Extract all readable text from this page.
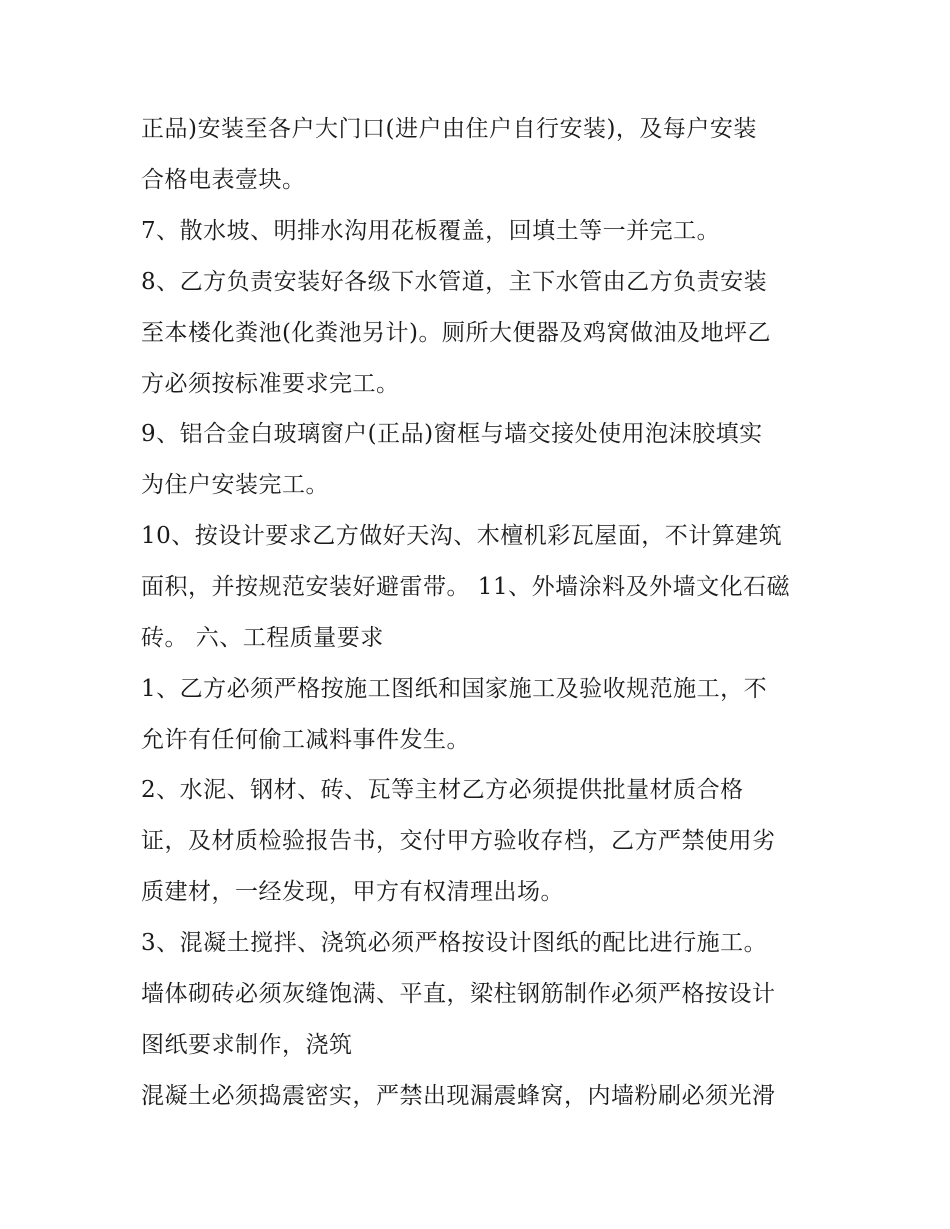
正品)安装至各户大门口(进户由住户自行安装)，及每户安装

合格电表壹块。

7、散水坡、明排水沟用花板覆盖，回填土等一并完工。

8、乙方负责安装好各级下水管道，主下水管由乙方负责安装

至本楼化粪池(化粪池另计)。厕所大便器及鸡窝做油及地坪乙

方必须按标准要求完工。

9、铝合金白玻璃窗户(正品)窗框与墙交接处使用泡沫胶填实

为住户安装完工。

10、按设计要求乙方做好天沟、木檀机彩瓦屋面，不计算建筑

面积，并按规范安装好避雷带。 11、外墙涂料及外墙文化石磁

砖。 六、工程质量要求

1、乙方必须严格按施工图纸和国家施工及验收规范施工，不

允许有任何偷工减料事件发生。

2、水泥、钢材、砖、瓦等主材乙方必须提供批量材质合格

证，及材质检验报告书，交付甲方验收存档，乙方严禁使用劣

质建材，一经发现，甲方有权清理出场。

3、混凝土搅拌、浇筑必须严格按设计图纸的配比进行施工。

墙体砌砖必须灰缝饱满、平直，梁柱钢筋制作必须严格按设计

图纸要求制作，浇筑

混凝土必须捣震密实，严禁出现漏震蜂窝，内墙粉刷必须光滑
